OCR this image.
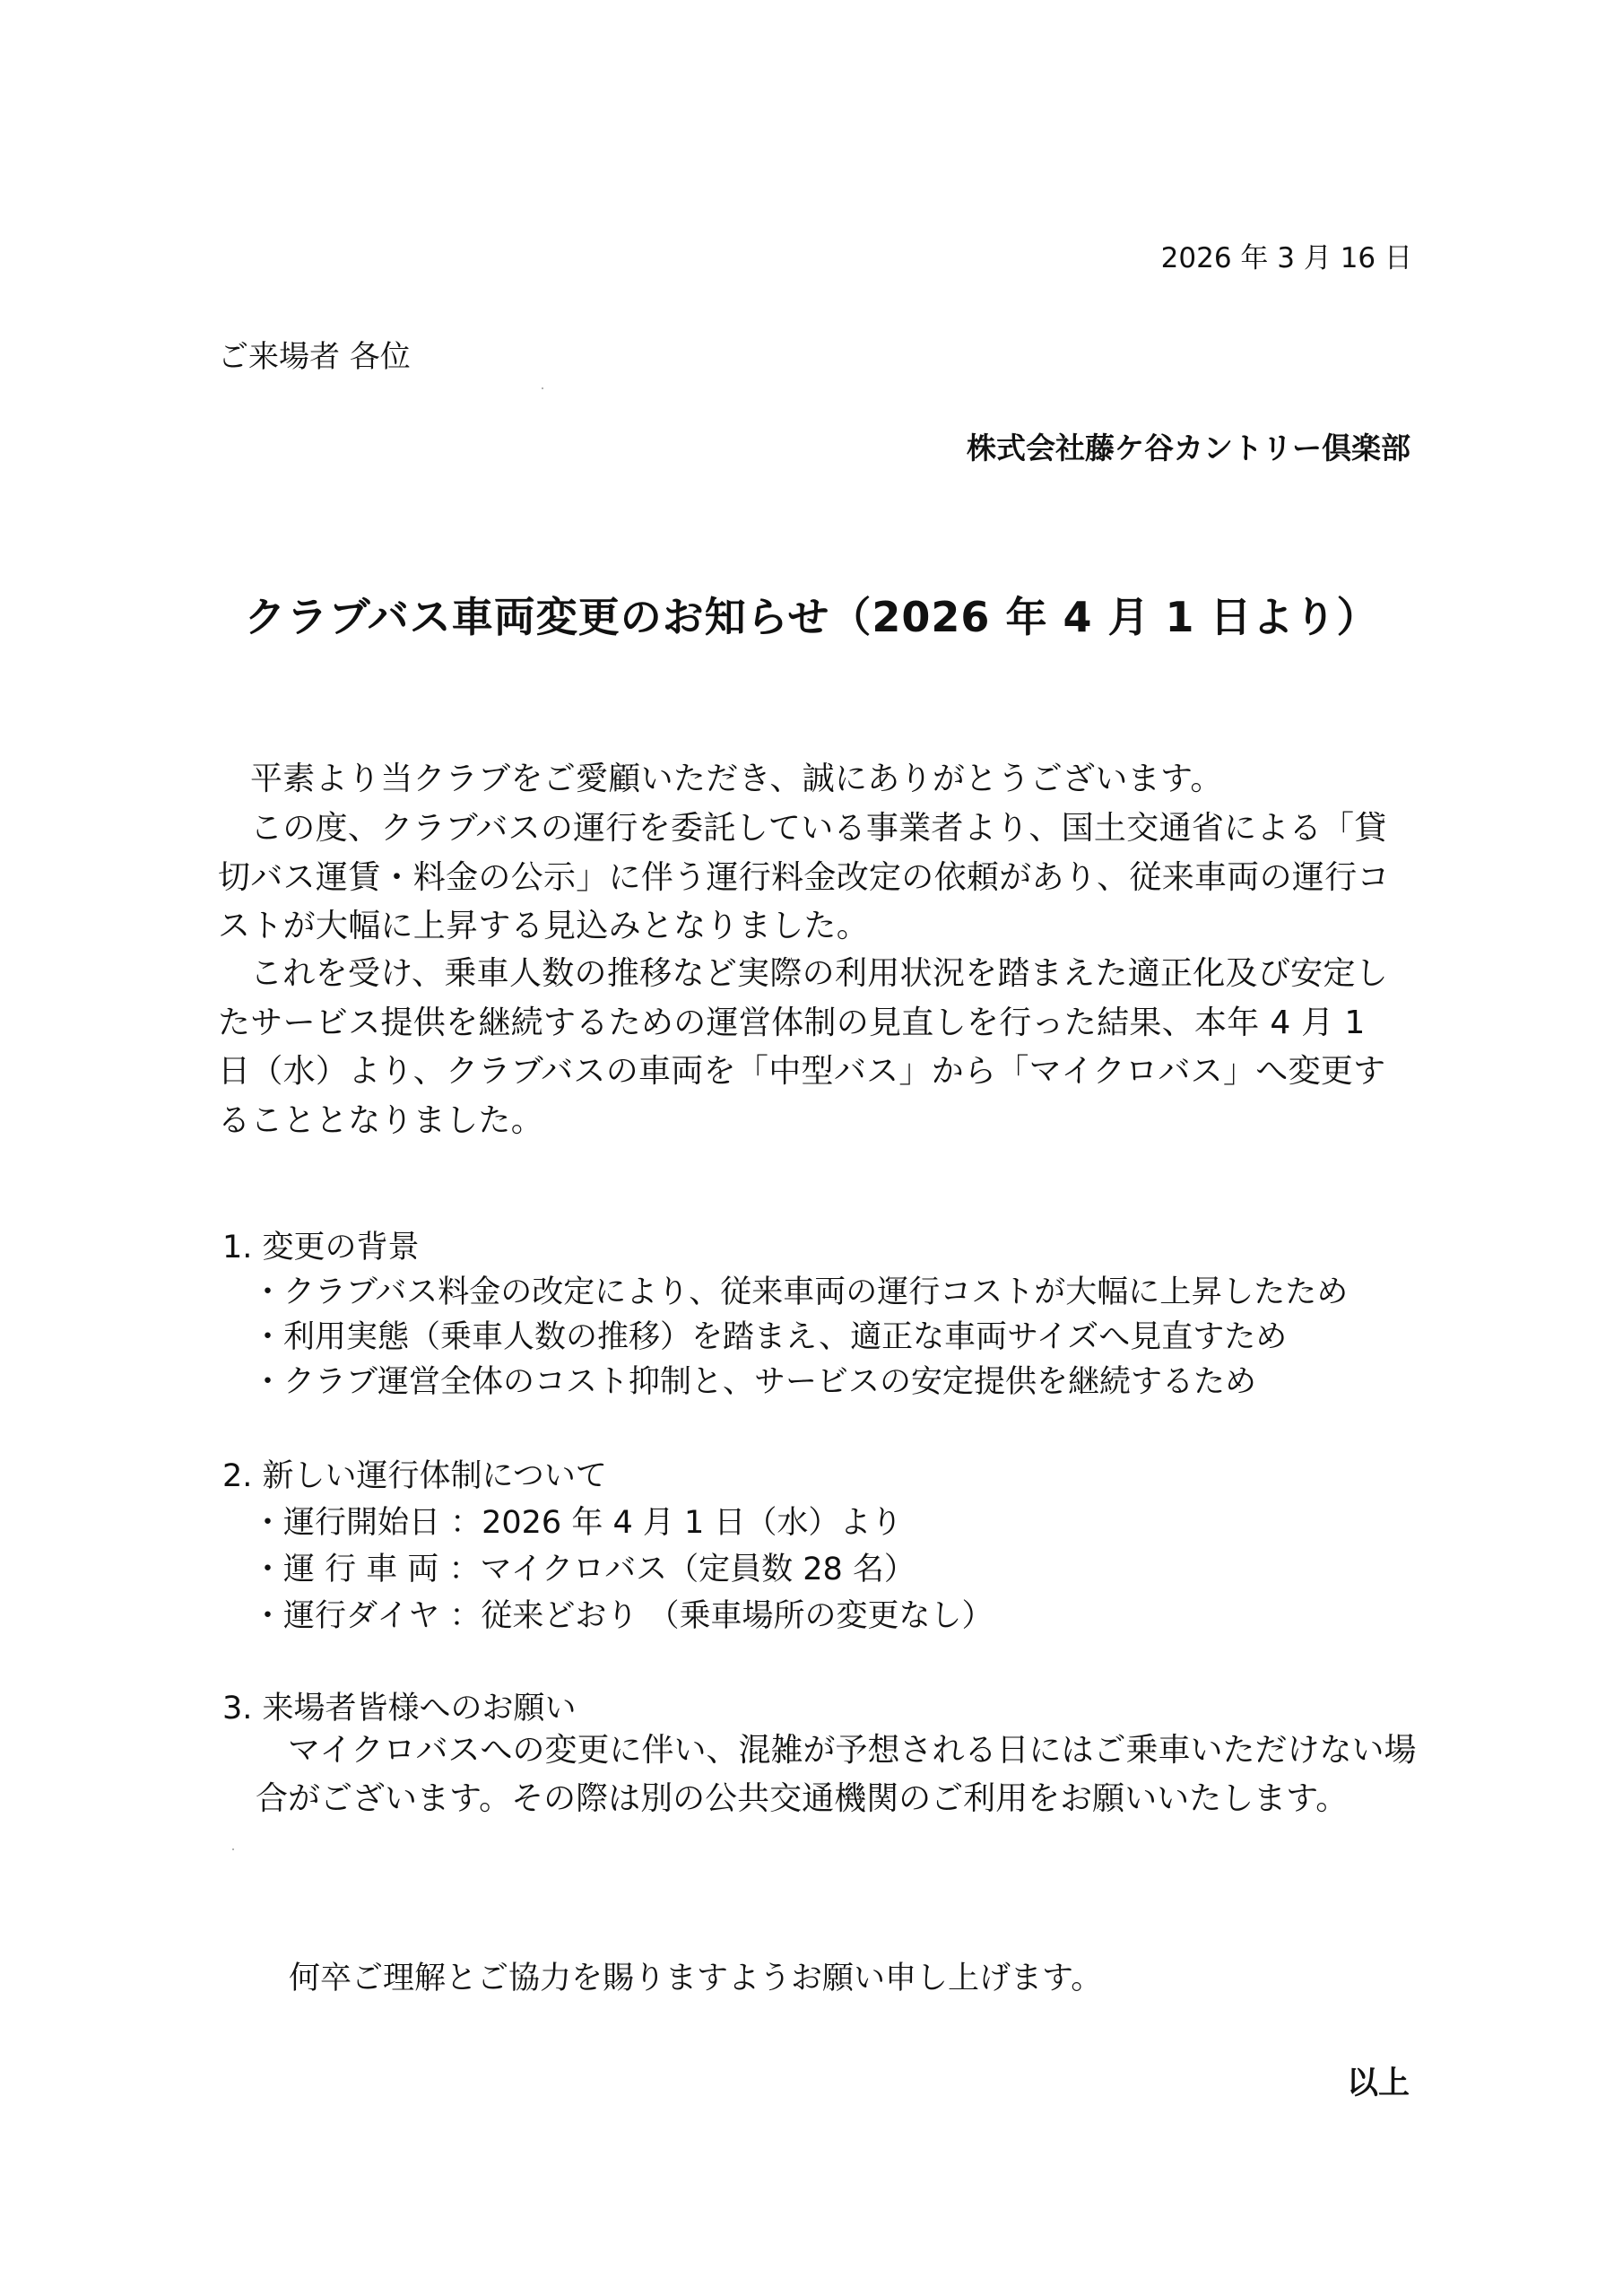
2026 年 3 月 16 日
ご来場者 各位
株式会社藤ケ谷カントリー倶楽部
クラブバス車両変更のお知らせ（2026 年 4 月 1 日より）

平素より当クラブをご愛顧いただき、誠にありがとうございます。

この度、クラブバスの運行を委託している事業者より、国土交通省による「貸切バス運賃・料金の公示」に伴う運行料金改定の依頼があり、従来車両の運行コストが大幅に上昇する見込みとなりました。

これを受け、乗車人数の推移など実際の利用状況を踏まえた適正化及び安定したサービス提供を継続するための運営体制の見直しを行った結果、本年 4 月 1 日（水）より、クラブバスの車両を「中型バス」から「マイクロバス」へ変更することとなりました。

1. 変更の背景
・クラブバス料金の改定により、従来車両の運行コストが大幅に上昇したため
・利用実態（乗車人数の推移）を踏まえ、適正な車両サイズへ見直すため
・クラブ運営全体のコスト抑制と、サービスの安定提供を継続するため
2. 新しい運行体制について
・運行開始日 ：2026 年 4 月 1 日（水）より
・運 行 車 両 ：マイクロバス（定員数 28 名）
・運行ダイヤ ：従来どおり （乗車場所の変更なし）
3. 来場者皆様へのお願い

マイクロバスへの変更に伴い、混雑が予想される日にはご乗車いただけない場合がございます。その際は別の公共交通機関のご利用をお願いいたします。

何卒ご理解とご協力を賜りますようお願い申し上げます。
以上
